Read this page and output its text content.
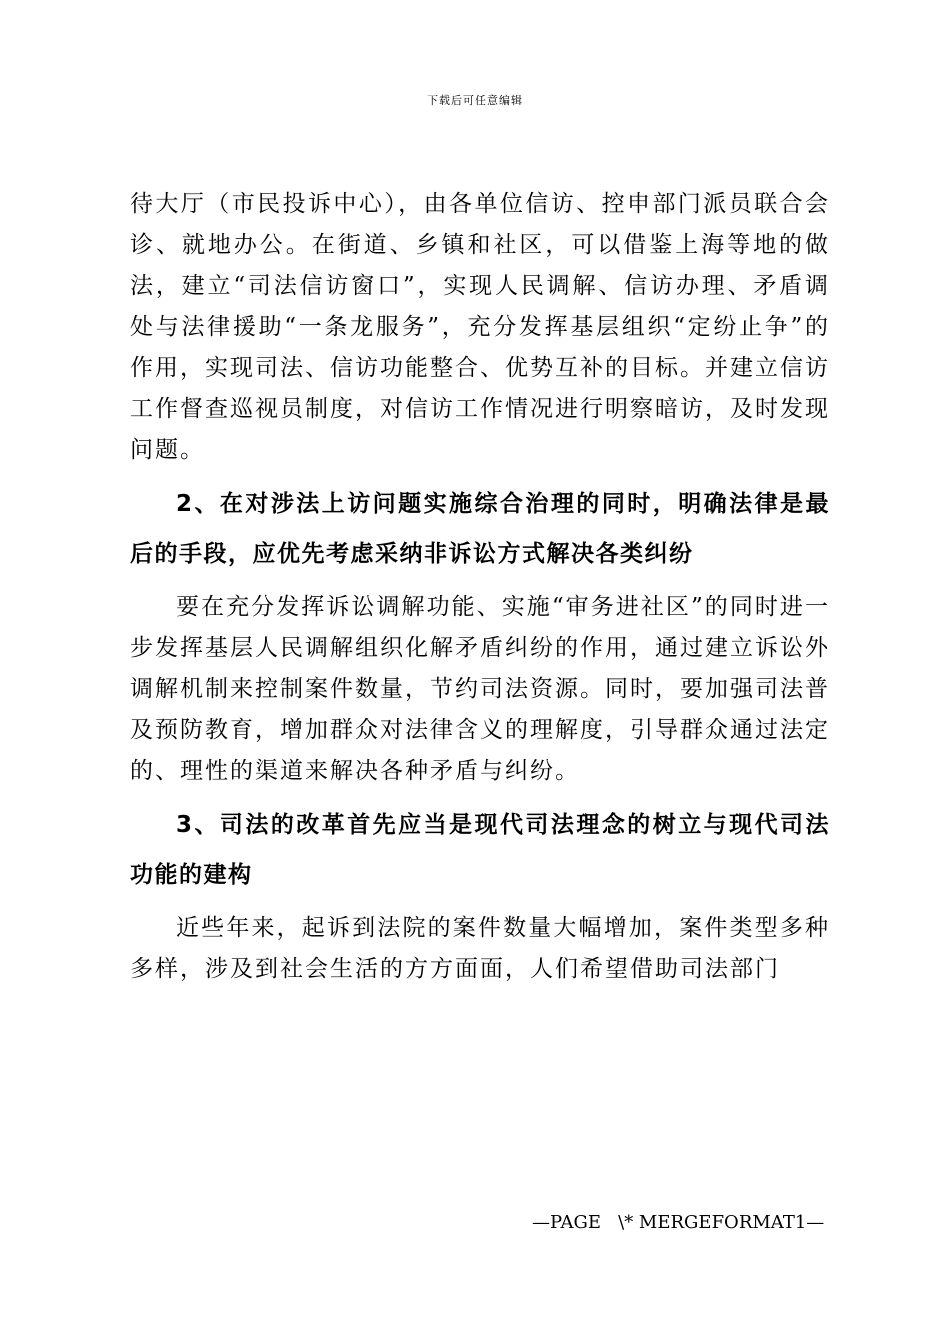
下载后可任意编辑

待大厅（市民投诉中心），由各单位信访、控申部门派员联合会诊、就地办公。在街道、乡镇和社区，可以借鉴上海等地的做法，建立“司法信访窗口”，实现人民调解、信访办理、矛盾调处与法律援助“一条龙服务”，充分发挥基层组织“定纷止争”的作用，实现司法、信访功能整合、优势互补的目标。并建立信访工作督查巡视员制度，对信访工作情况进行明察暗访，及时发现问题。

2、在对涉法上访问题实施综合治理的同时，明确法律是最后的手段，应优先考虑采纳非诉讼方式解决各类纠纷

要在充分发挥诉讼调解功能、实施“审务进社区”的同时进一步发挥基层人民调解组织化解矛盾纠纷的作用，通过建立诉讼外调解机制来控制案件数量，节约司法资源。同时，要加强司法普及预防教育，增加群众对法律含义的理解度，引导群众通过法定的、理性的渠道来解决各种矛盾与纠纷。

3、司法的改革首先应当是现代司法理念的树立与现代司法功能的建构

近些年来，起诉到法院的案件数量大幅增加，案件类型多种多样，涉及到社会生活的方方面面，人们希望借助司法部门

—PAGE   \* MERGEFORMAT1—
